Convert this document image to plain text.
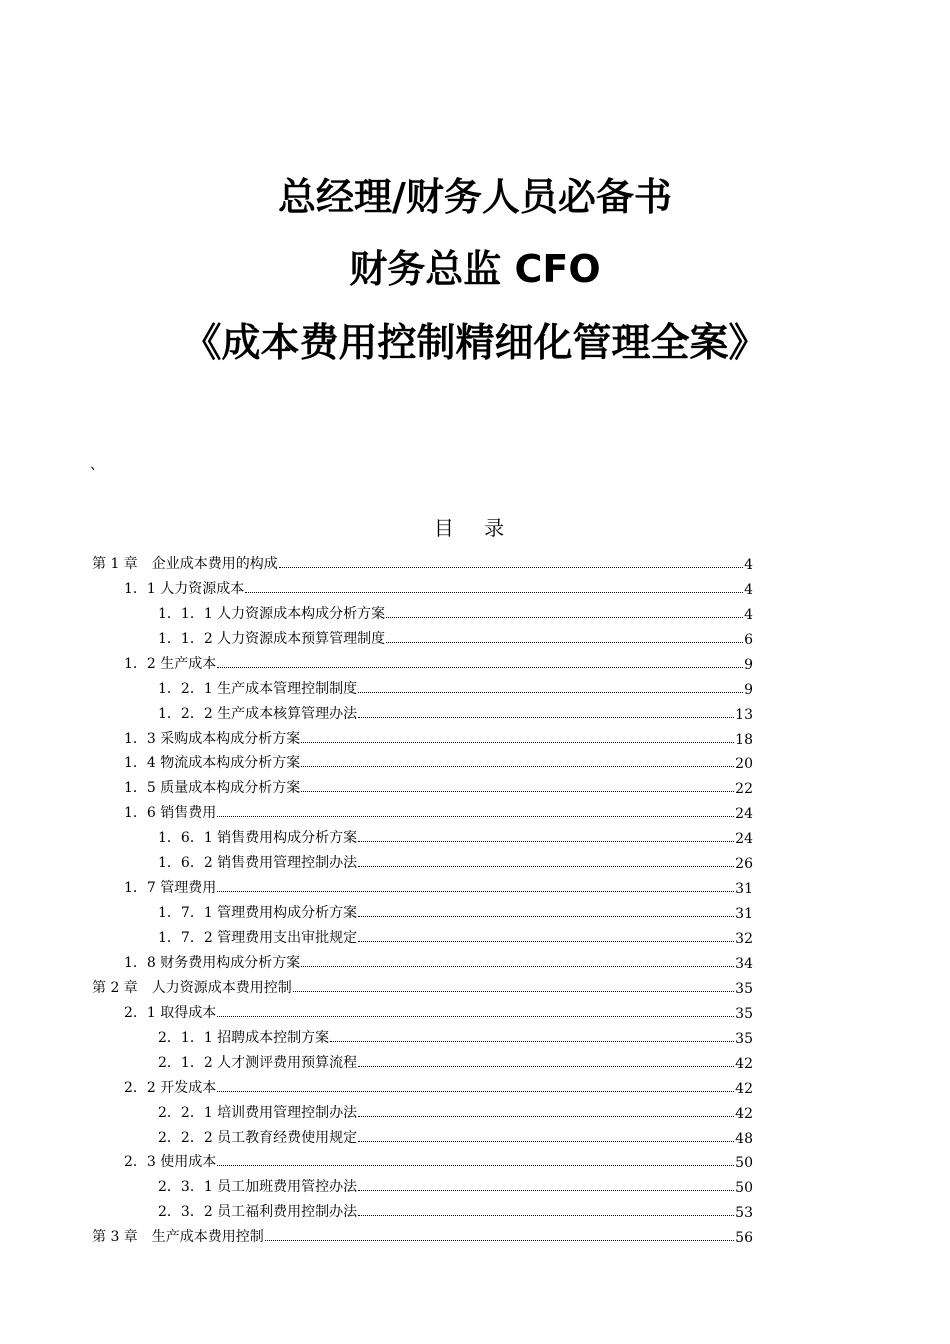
总经理/财务人员必备书
财务总监 CFO
《成本费用控制精细化管理全案》
、
目 录
第 1 章　企业成本费用的构成	4
1．1 人力资源成本	4
1．1．1 人力资源成本构成分析方案	4
1．1．2 人力资源成本预算管理制度	6
1．2 生产成本	9
1．2．1 生产成本管理控制制度	9
1．2．2 生产成本核算管理办法	13
1．3 采购成本构成分析方案	18
1．4 物流成本构成分析方案	20
1．5 质量成本构成分析方案	22
1．6 销售费用	24
1．6．1 销售费用构成分析方案	24
1．6．2 销售费用管理控制办法	26
1．7 管理费用	31
1．7．1 管理费用构成分析方案	31
1．7．2 管理费用支出审批规定	32
1．8 财务费用构成分析方案	34
第 2 章　人力资源成本费用控制	35
2．1 取得成本	35
2．1．1 招聘成本控制方案	35
2．1．2 人才测评费用预算流程	42
2．2 开发成本	42
2．2．1 培训费用管理控制办法	42
2．2．2 员工教育经费使用规定	48
2．3 使用成本	50
2．3．1 员工加班费用管控办法	50
2．3．2 员工福利费用控制办法	53
第 3 章　生产成本费用控制	56
